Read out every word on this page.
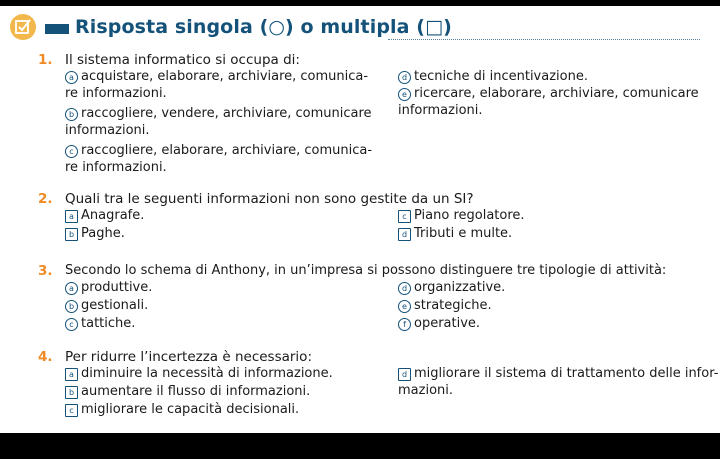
Risposta singola (○) o multipla (□)
1. Il sistema informatico si occupa di:
a acquistare, elaborare, archiviare, comunica-
re informazioni.
b raccogliere, vendere, archiviare, comunicare
informazioni.
c raccogliere, elaborare, archiviare, comunica-
re informazioni.
d tecniche di incentivazione.
e ricercare, elaborare, archiviare, comunicare
informazioni.
2. Quali tra le seguenti informazioni non sono gestite da un SI?
a Anagrafe.
b Paghe.
c Piano regolatore.
d Tributi e multe.
3. Secondo lo schema di Anthony, in un’impresa si possono distinguere tre tipologie di attività:
a produttive.
b gestionali.
c tattiche.
d organizzative.
e strategiche.
f operative.
4. Per ridurre l’incertezza è necessario:
a diminuire la necessità di informazione.
b aumentare il flusso di informazioni.
c migliorare le capacità decisionali.
d migliorare il sistema di trattamento delle infor-
mazioni.
